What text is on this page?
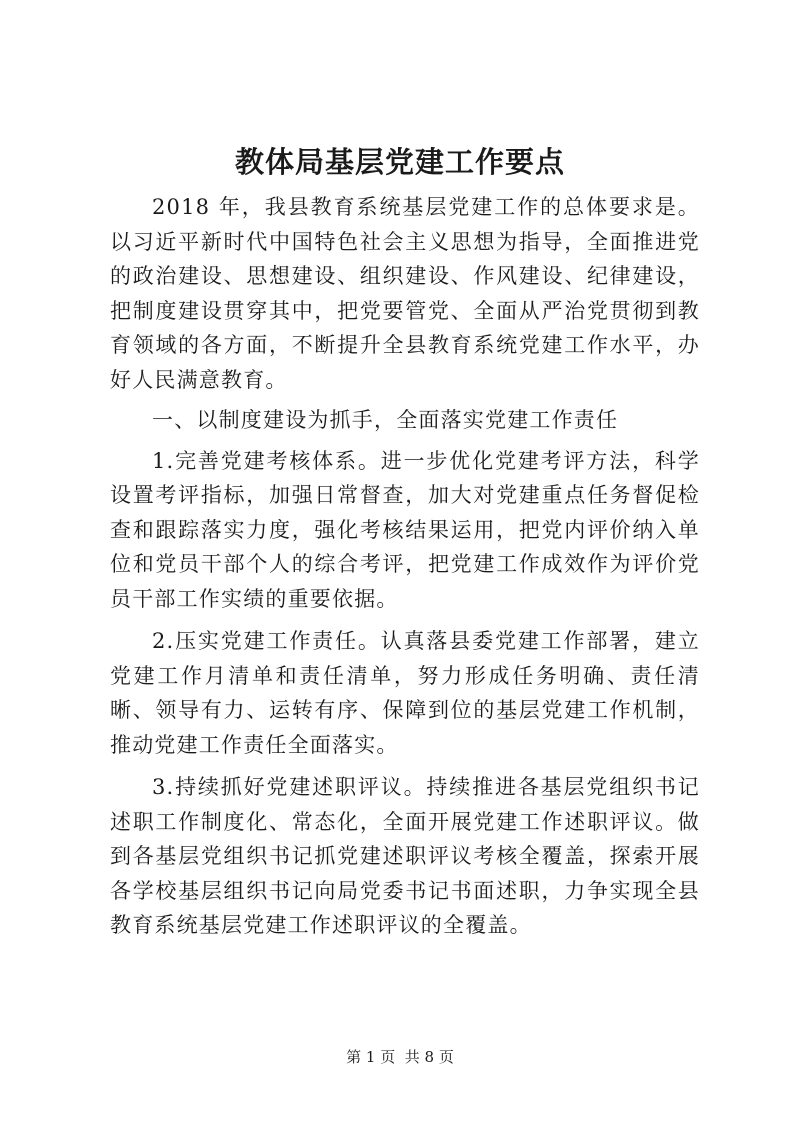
教体局基层党建工作要点

2018 年，我县教育系统基层党建工作的总体要求是。以习近平新时代中国特色社会主义思想为指导，全面推进党的政治建设、思想建设、组织建设、作风建设、纪律建设，把制度建设贯穿其中，把党要管党、全面从严治党贯彻到教育领域的各方面，不断提升全县教育系统党建工作水平，办好人民满意教育。

一、以制度建设为抓手，全面落实党建工作责任

1.完善党建考核体系。进一步优化党建考评方法，科学设置考评指标，加强日常督查，加大对党建重点任务督促检查和跟踪落实力度，强化考核结果运用，把党内评价纳入单位和党员干部个人的综合考评，把党建工作成效作为评价党员干部工作实绩的重要依据。

2.压实党建工作责任。认真落县委党建工作部署，建立党建工作月清单和责任清单，努力形成任务明确、责任清晰、领导有力、运转有序、保障到位的基层党建工作机制，推动党建工作责任全面落实。

3.持续抓好党建述职评议。持续推进各基层党组织书记述职工作制度化、常态化，全面开展党建工作述职评议。做到各基层党组织书记抓党建述职评议考核全覆盖，探索开展各学校基层组织书记向局党委书记书面述职，力争实现全县教育系统基层党建工作述职评议的全覆盖。

第 1 页  共 8 页
